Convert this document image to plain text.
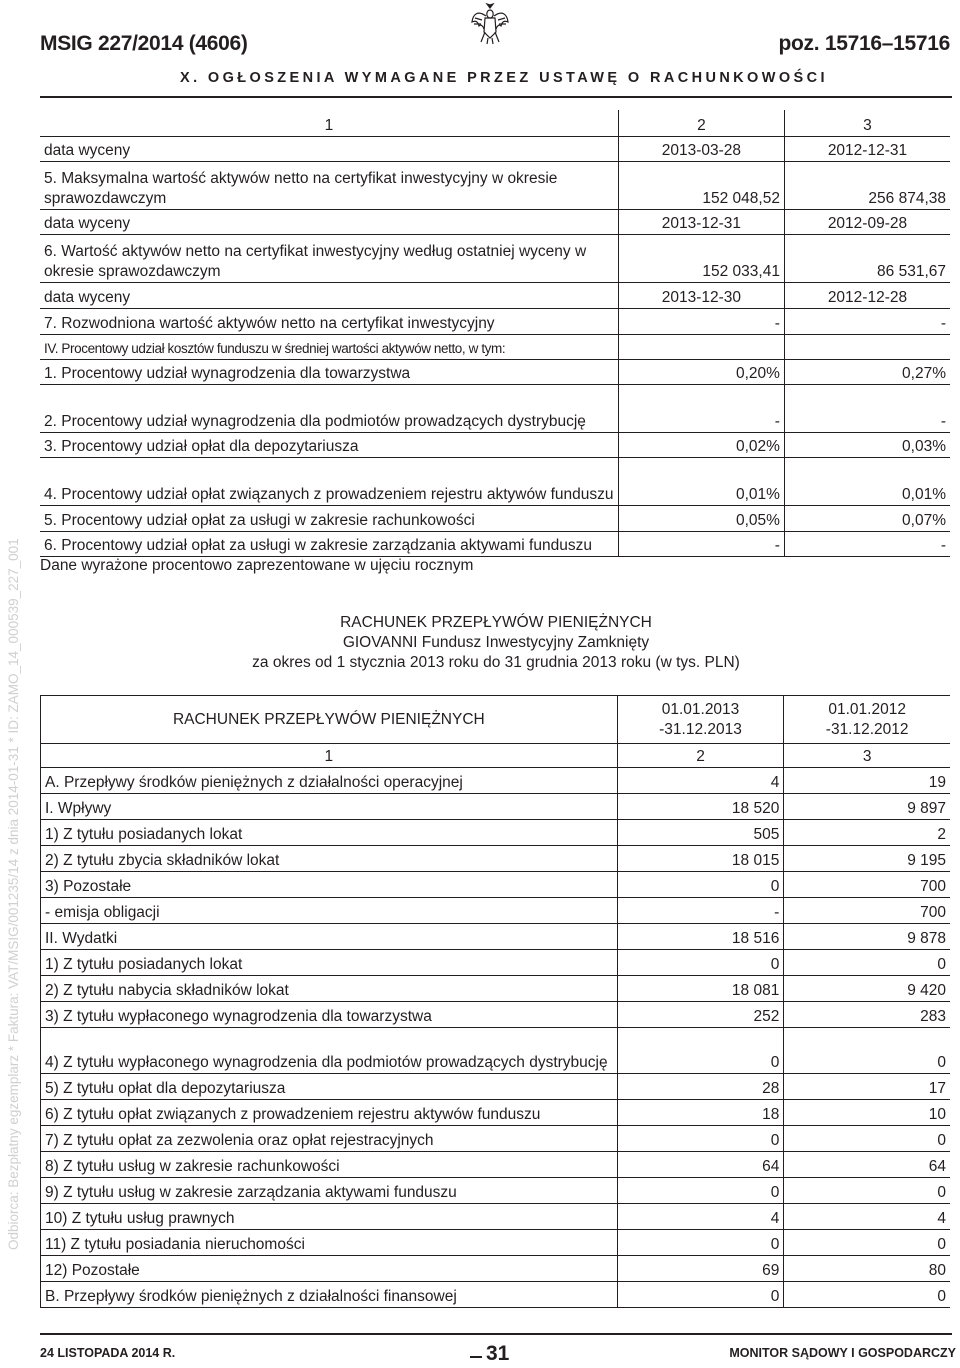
MSIG 227/2014 (4606)	poz. 15716–15716
X. OGŁOSZENIA WYMAGANE PRZEZ USTAWĘ O RACHUNKOWOŚCI
Odbiorca: Bezpłatny egzemplarz * Faktura: VAT/MSIG/001235/14 z dnia 2014-01-31 * ID: ZAMO_14_000539_227_001
1	2	3
data wyceny	2013-03-28	2012-12-31
5. Maksymalna wartość aktywów netto na certyfikat inwestycyjny w okresie sprawozdawczym	152 048,52	256 874,38
data wyceny	2013-12-31	2012-09-28
6. Wartość aktywów netto na certyfikat inwestycyjny według ostatniej wyceny w okresie sprawozdawczym	152 033,41	86 531,67
data wyceny	2013-12-30	2012-12-28
7. Rozwodniona wartość aktywów netto na certyfikat inwestycyjny	-	-
IV. Procentowy udział kosztów funduszu w średniej wartości aktywów netto, w tym:		
1. Procentowy udział wynagrodzenia dla towarzystwa	0,20%	0,27%
2. Procentowy udział wynagrodzenia dla podmiotów prowadzących dystrybucję	-	-
3. Procentowy udział opłat dla depozytariusza	0,02%	0,03%
4. Procentowy udział opłat związanych z prowadzeniem rejestru aktywów funduszu	0,01%	0,01%
5. Procentowy udział opłat za usługi w zakresie rachunkowości	0,05%	0,07%
6. Procentowy udział opłat za usługi w zakresie zarządzania aktywami funduszu	-	-
Dane wyrażone procentowo zaprezentowane w ujęciu rocznym
RACHUNEK PRZEPŁYWÓW PIENIĘŻNYCH
GIOVANNI Fundusz Inwestycyjny Zamknięty
za okres od 1 stycznia 2013 roku do 31 grudnia 2013 roku (w tys. PLN)
RACHUNEK PRZEPŁYWÓW PIENIĘŻNYCH	01.01.2013 -31.12.2013	01.01.2012 -31.12.2012
1	2	3
A. Przepływy środków pieniężnych z działalności operacyjnej	4	19
I. Wpływy	18 520	9 897
1) Z tytułu posiadanych lokat	505	2
2) Z tytułu zbycia składników lokat	18 015	9 195
3) Pozostałe	0	700
- emisja obligacji	-	700
II. Wydatki	18 516	9 878
1) Z tytułu posiadanych lokat	0	0
2) Z tytułu nabycia składników lokat	18 081	9 420
3) Z tytułu wypłaconego wynagrodzenia dla towarzystwa	252	283
4) Z tytułu wypłaconego wynagrodzenia dla podmiotów prowadzących dystrybucję	0	0
5) Z tytułu opłat dla depozytariusza	28	17
6) Z tytułu opłat związanych z prowadzeniem rejestru aktywów funduszu	18	10
7) Z tytułu opłat za zezwolenia oraz opłat rejestracyjnych	0	0
8) Z tytułu usług w zakresie rachunkowości	64	64
9) Z tytułu usług w zakresie zarządzania aktywami funduszu	0	0
10) Z tytułu usług prawnych	4	4
11) Z tytułu posiadania nieruchomości	0	0
12) Pozostałe	69	80
B. Przepływy środków pieniężnych z działalności finansowej	0	0
24 LISTOPADA 2014 R.	31	MONITOR SĄDOWY I GOSPODARCZY
